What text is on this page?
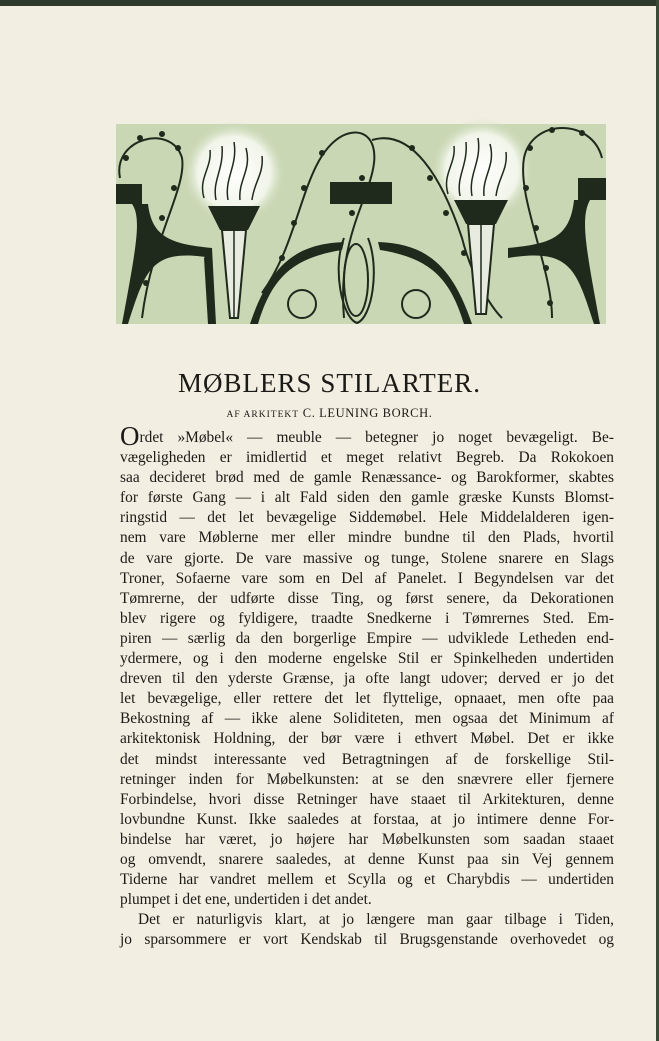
MØBLERS STILARTER.
AF ARKITEKT C. LEUNING BORCH.

Ordet »Møbel« — meuble — betegner jo noget bevægeligt. Be-
vægeligheden er imidlertid et meget relativt Begreb. Da Rokokoen
saa decideret brød med de gamle Renæssance- og Barokformer, skabtes
for første Gang — i alt Fald siden den gamle græske Kunsts Blomst-
ringstid — det let bevægelige Siddemøbel. Hele Middelalderen igen-
nem vare Møblerne mer eller mindre bundne til den Plads, hvortil
de vare gjorte. De vare massive og tunge, Stolene snarere en Slags
Troner, Sofaerne vare som en Del af Panelet. I Begyndelsen var det
Tømrerne, der udførte disse Ting, og først senere, da Dekorationen
blev rigere og fyldigere, traadte Snedkerne i Tømrernes Sted. Em-
piren — særlig da den borgerlige Empire — udviklede Letheden end-
ydermere, og i den moderne engelske Stil er Spinkelheden undertiden
dreven til den yderste Grænse, ja ofte langt udover; derved er jo det
let bevægelige, eller rettere det let flyttelige, opnaaet, men ofte paa
Bekostning af — ikke alene Soliditeten, men ogsaa det Minimum af
arkitektonisk Holdning, der bør være i ethvert Møbel. Det er ikke
det mindst interessante ved Betragtningen af de forskellige Stil-
retninger inden for Møbelkunsten: at se den snævrere eller fjernere
Forbindelse, hvori disse Retninger have staaet til Arkitekturen, denne
lovbundne Kunst. Ikke saaledes at forstaa, at jo intimere denne For-
bindelse har været, jo højere har Møbelkunsten som saadan staaet
og omvendt, snarere saaledes, at denne Kunst paa sin Vej gennem
Tiderne har vandret mellem et Scylla og et Charybdis — undertiden
plumpet i det ene, undertiden i det andet.

Det er naturligvis klart, at jo længere man gaar tilbage i Tiden,
jo sparsommere er vort Kendskab til Brugsgenstande overhovedet og
